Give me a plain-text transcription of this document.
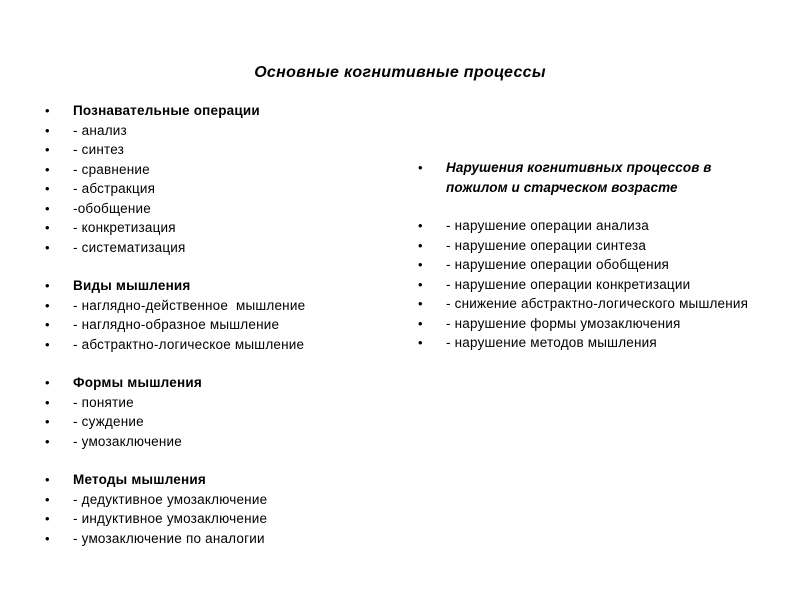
Основные когнитивные процессы
•	Познавательные операции
•	- анализ
•	- синтез
•	- сравнение
•	- абстракция
•	-обобщение
•	- конкретизация
•	- систематизация
•	Виды мышления
•	- наглядно-действенное  мышление
•	- наглядно-образное мышление
•	- абстрактно-логическое мышление
•	Формы мышления
•	- понятие
•	- суждение
•	- умозаключение
•	Методы мышления
•	- дедуктивное умозаключение
•	- индуктивное умозаключение
•	- умозаключение по аналогии
•	Нарушения когнитивных процессов в пожилом и старческом возрасте
•	- нарушение операции анализа
•	- нарушение операции синтеза
•	- нарушение операции обобщения
•	- нарушение операции конкретизации
•	- снижение абстрактно-логического мышления
•	- нарушение формы умозаключения
•	- нарушение методов мышления
